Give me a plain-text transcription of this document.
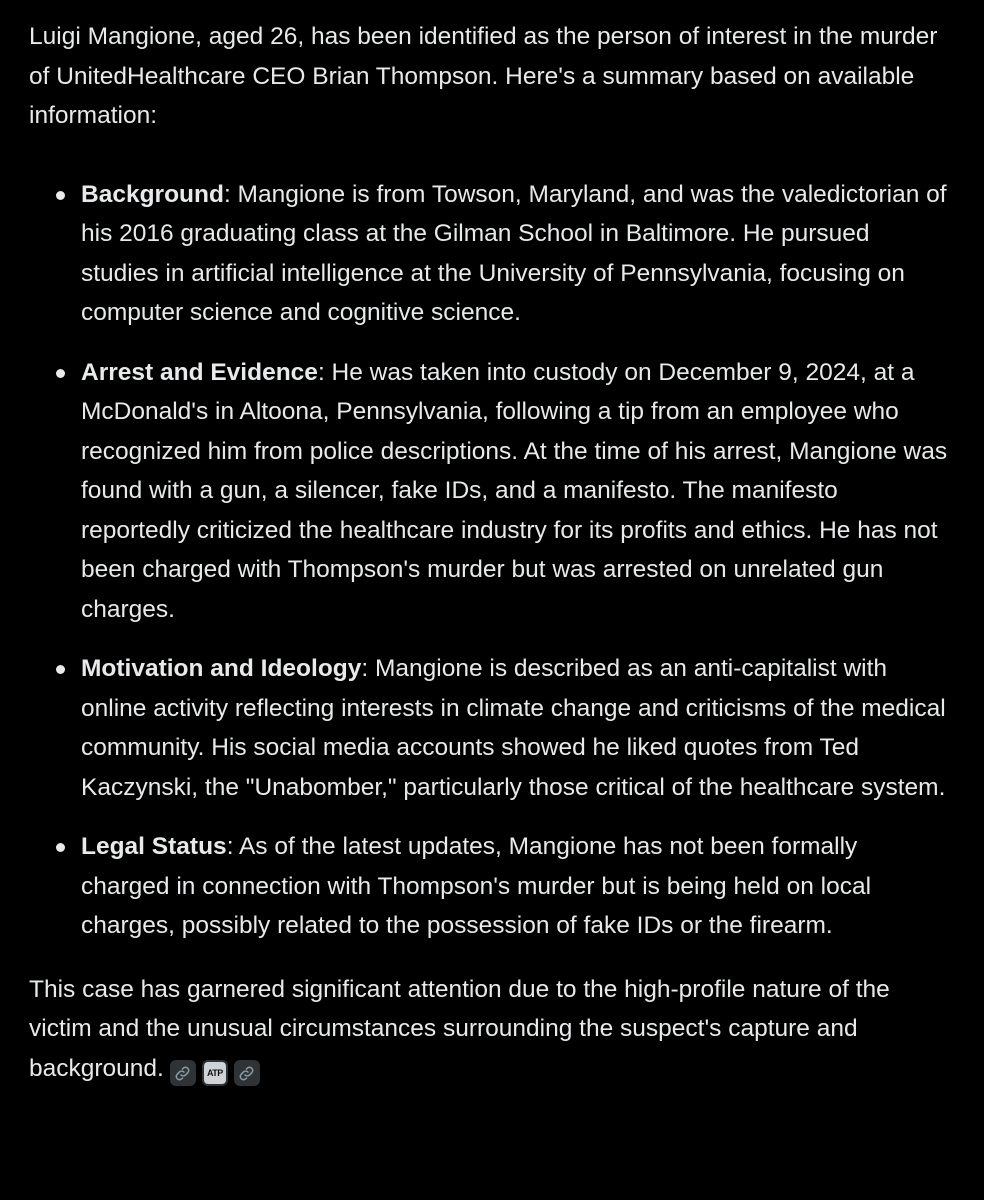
Luigi Mangione, aged 26, has been identified as the person of interest in the murder of UnitedHealthcare CEO Brian Thompson. Here's a summary based on available information:

Background: Mangione is from Towson, Maryland, and was the valedictorian of his 2016 graduating class at the Gilman School in Baltimore. He pursued studies in artificial intelligence at the University of Pennsylvania, focusing on computer science and cognitive science.
Arrest and Evidence: He was taken into custody on December 9, 2024, at a McDonald's in Altoona, Pennsylvania, following a tip from an employee who recognized him from police descriptions. At the time of his arrest, Mangione was found with a gun, a silencer, fake IDs, and a manifesto. The manifesto reportedly criticized the healthcare industry for its profits and ethics. He has not been charged with Thompson's murder but was arrested on unrelated gun charges.
Motivation and Ideology: Mangione is described as an anti-capitalist with online activity reflecting interests in climate change and criticisms of the medical community. His social media accounts showed he liked quotes from Ted Kaczynski, the "Unabomber," particularly those critical of the healthcare system.
Legal Status: As of the latest updates, Mangione has not been formally charged in connection with Thompson's murder but is being held on local charges, possibly related to the possession of fake IDs or the firearm.

This case has garnered significant attention due to the high-profile nature of the victim and the unusual circumstances surrounding the suspect's capture and background.	ATP
